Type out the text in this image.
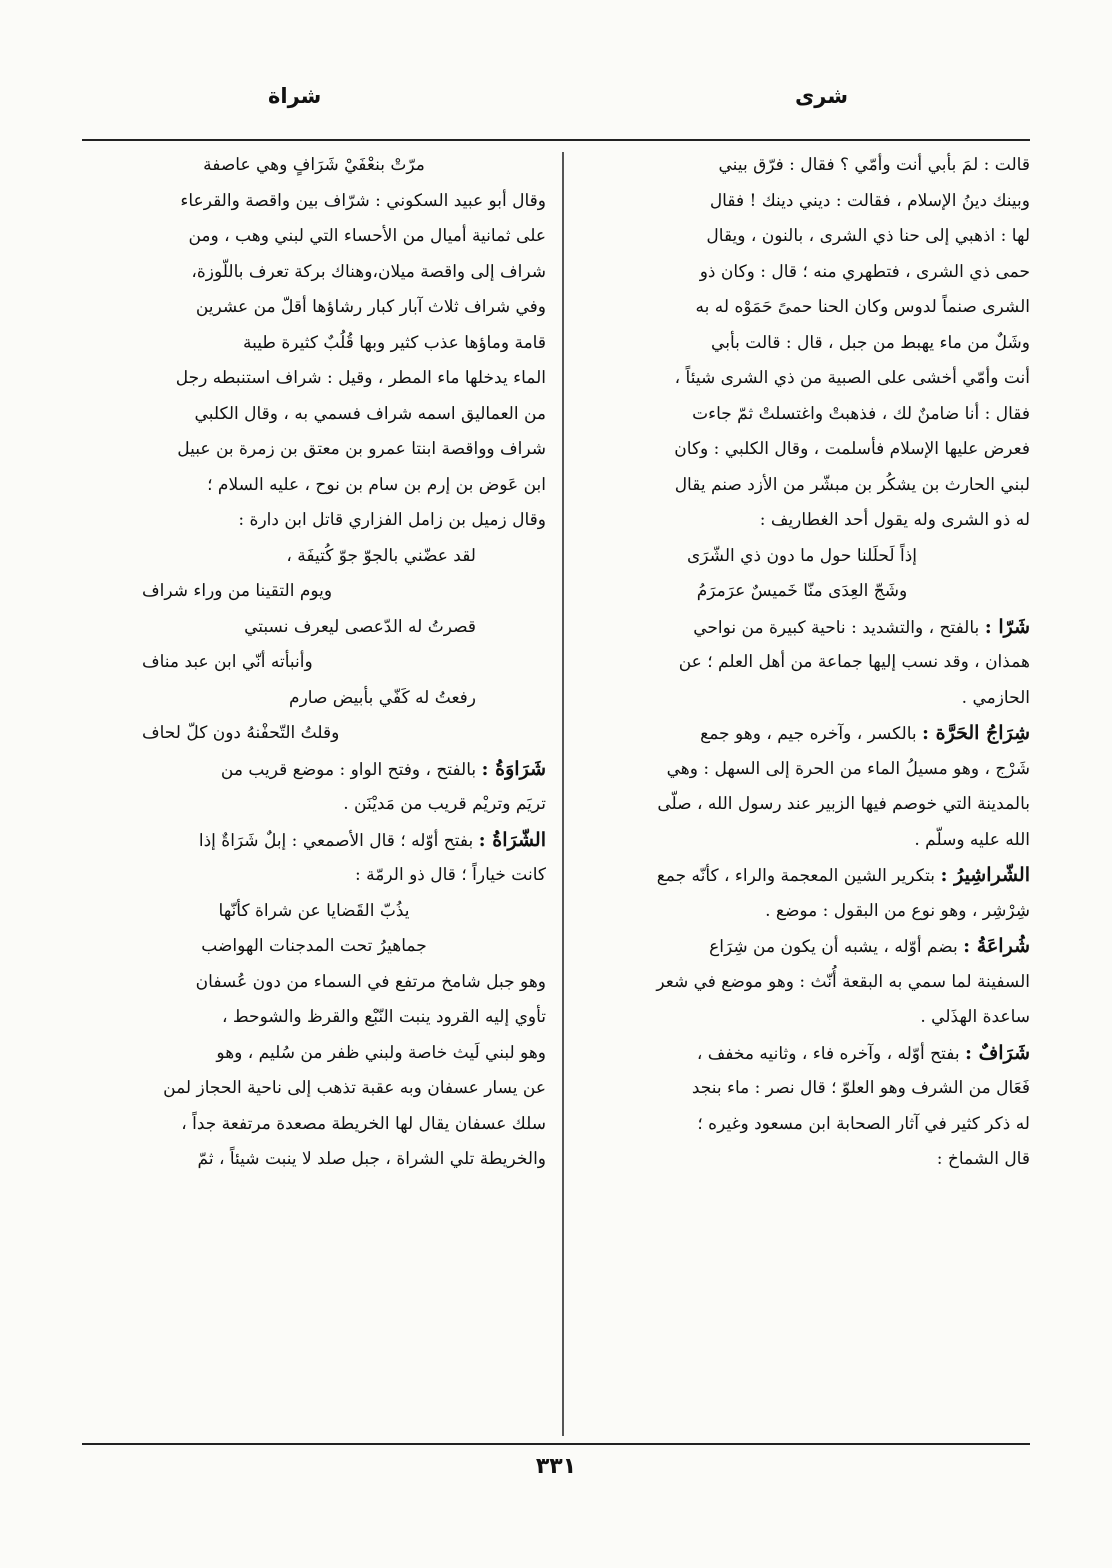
شرى
شراة
قالت : لمَ بأبي أنت وأمّي ؟ فقال : فرّق بيني
وبينك دينُ الإسلام ، فقالت : ديني دينك ! فقال
لها : اذهبي إلى حنا ذي الشرى ، بالنون ، ويقال
حمى ذي الشرى ، فتطهري منه ؛ قال : وكان ذو
الشرى صنماً لدوس وكان الحنا حمىً حَمَوْه له به
وشَلٌ من ماء يهبط من جبل ، قال : قالت بأبي
أنت وأمّي أخشى على الصبية من ذي الشرى شيئاً ،
فقال : أنا ضامنٌ لك ، فذهبتْ واغتسلتْ ثمّ جاءت
فعرض عليها الإسلام فأسلمت ، وقال الكلبي : وكان
لبني الحارث بن يشكُر بن مبشّر من الأزد صنم يقال
له ذو الشرى وله يقول أحد الغطاريف :
إذاً لَحلَلنا حول ما دون ذي الشّرَى
وشَجّ العِدَى منّا خَميسٌ عرَمرَمُ
شَرّا : بالفتح ، والتشديد : ناحية كبيرة من نواحي
همذان ، وقد نسب إليها جماعة من أهل العلم ؛ عن
الحازمي .
شِرَاجُ الحَرَّة : بالكسر ، وآخره جيم ، وهو جمع
شَرْج ، وهو مسيلُ الماء من الحرة إلى السهل : وهي
بالمدينة التي خوصم فيها الزبير عند رسول الله ، صلّى
الله عليه وسلّم .
الشّراشِيرُ : بتكرير الشين المعجمة والراء ، كأنّه جمع
شِرْشِر ، وهو نوع من البقول : موضع .
شُراعَةُ : بضم أوّله ، يشبه أن يكون من شِرَاع
السفينة لما سمي به البقعة أُنّث : وهو موضع في شعر
ساعدة الهذَلي .
شَرَافٌ : بفتح أوّله ، وآخره فاء ، وثانيه مخفف ،
فَعَال من الشرف وهو العلوّ ؛ قال نصر : ماء بنجد
له ذكر كثير في آثار الصحابة ابن مسعود وغيره ؛
قال الشماخ :
مرّتْ بنعْفَيْ شَرَافٍ وهي عاصفة
وقال أبو عبيد السكوني : شرّاف بين واقصة والقرعاء
على ثمانية أميال من الأحساء التي لبني وهب ، ومن
شراف إلى واقصة ميلان،وهناك بركة تعرف باللّوزة،
وفي شراف ثلاث آبار كبار رشاؤها أقلّ من عشرين
قامة وماؤها عذب كثير وبها قُلُبٌ كثيرة طيبة
الماء يدخلها ماء المطر ، وقيل : شراف استنبطه رجل
من العماليق اسمه شراف فسمي به ، وقال الكلبي
شراف وواقصة ابنتا عمرو بن معتق بن زمرة بن عبيل
ابن عَوض بن إرم بن سام بن نوح ، عليه السلام ؛
وقال زميل بن زامل الفزاري قاتل ابن دارة :
لقد عضّني بالجوّ جوّ كُتيفَة ،
ويوم التقينا من وراء شراف
قصرتُ له الدّعصى ليعرف نسبتي
وأنبأته أنّي ابن عبد مناف
رفعتُ له كَفّي بأبيض صارم
وقلتُ التّحفْنهُ دون كلّ لحاف
شَرَاوَةُ : بالفتح ، وفتح الواو : موضع قريب من
تريَم وتريْم قريب من مَديْنَن .
الشّرَاةُ : بفتح أوّله ؛ قال الأصمعي : إبلٌ شَرَاةٌ إذا
كانت خياراً ؛ قال ذو الرمّة :
يذُبّ القَضايا عن شراة كأنّها
جماهيرُ تحت المدجنات الهواضب
وهو جبل شامخ مرتفع في السماء من دون عُسفان
تأوي إليه القرود ينبت النّبْع والقرظ والشوحط ،
وهو لبني لَيث خاصة ولبني ظفر من سُليم ، وهو
عن يسار عسفان وبه عقبة تذهب إلى ناحية الحجاز لمن
سلك عسفان يقال لها الخريطة مصعدة مرتفعة جداً ،
والخريطة تلي الشراة ، جبل صلد لا ينبت شيئاً ، ثمّ
٣٣١
